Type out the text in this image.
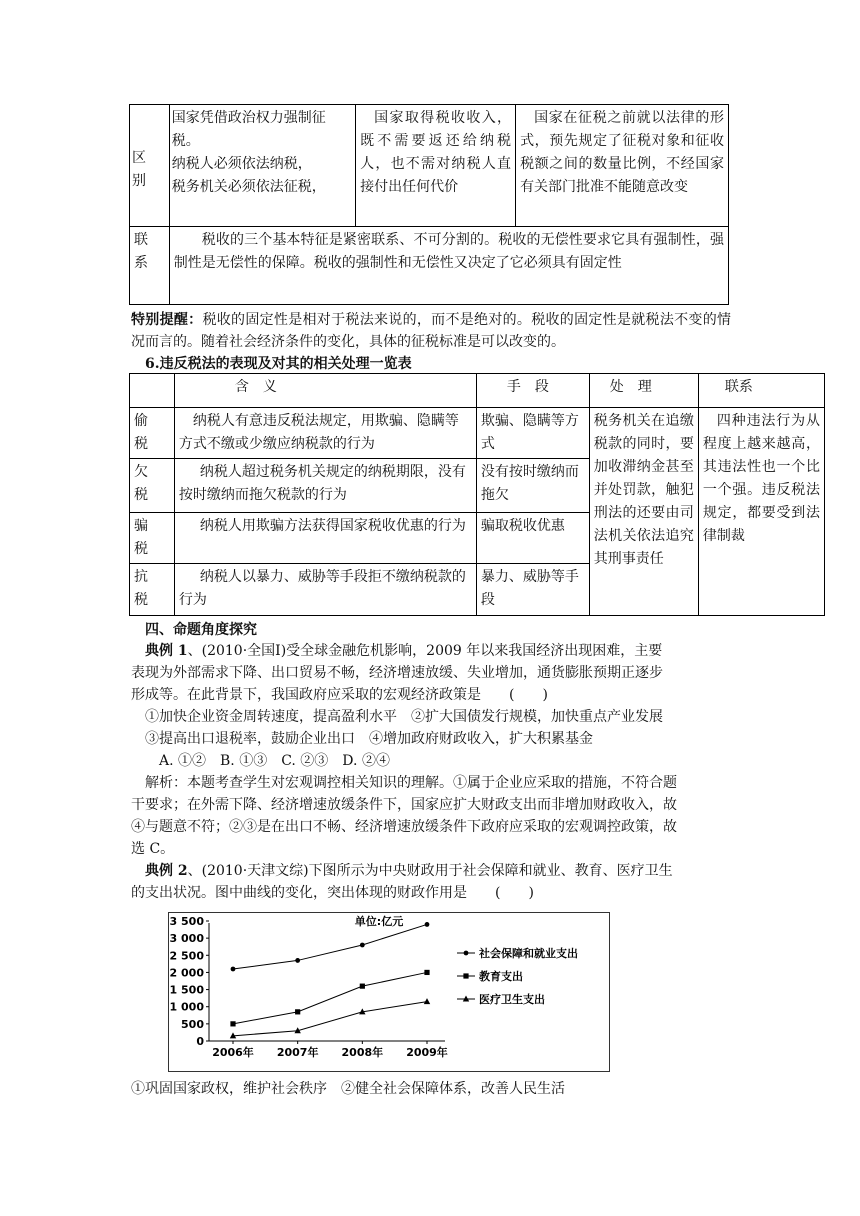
区
别	国家凭借政治权力强制征税。
纳税人必须依法纳税，
税务机关必须依法征税，	国家取得税收收入，既不需要返还给纳税人，也不需对纳税人直接付出任何代价	国家在征税之前就以法律的形式，预先规定了征税对象和征收税额之间的数量比例，不经国家有关部门批准不能随意改变
联
系	税收的三个基本特征是紧密联系、不可分割的。税收的无偿性要求它具有强制性，强制性是无偿性的保障。税收的强制性和无偿性又决定了它必须具有固定性		
特别提醒：税收的固定性是相对于税法来说的，而不是绝对的。税收的固定性是就税法不变的情况而言的。随着社会经济条件的变化，具体的征税标准是可以改变的。
6.违反税法的表现及对其的相关处理一览表
	含　义	手　段	处　理	联系
偷
税	纳税人有意违反税法规定，用欺骗、隐瞒等方式不缴或少缴应纳税款的行为	欺骗、隐瞒等方式	税务机关在追缴税款的同时，要加收滞纳金甚至并处罚款，触犯刑法的还要由司法机关依法追究其刑事责任	四种违法行为从程度上越来越高，其违法性也一个比一个强。违反税法规定，都要受到法律制裁
欠
税	纳税人超过税务机关规定的纳税期限，没有按时缴纳而拖欠税款的行为	没有按时缴纳而拖欠		
骗
税	纳税人用欺骗方法获得国家税收优惠的行为	骗取税收优惠		
抗
税	纳税人以暴力、威胁等手段拒不缴纳税款的行为	暴力、威胁等手段		
四、命题角度探究

典例 1、(2010·全国Ⅰ)受全球金融危机影响，2009 年以来我国经济出现困难，主要

表现为外部需求下降、出口贸易不畅，经济增速放缓、失业增加，通货膨胀预期正逐步

形成等。在此背景下，我国政府应采取的宏观经济政策是　　(　　)

①加快企业资金周转速度，提高盈利水平　②扩大国债发行规模，加快重点产业发展

③提高出口退税率，鼓励企业出口　④增加政府财政收入，扩大积累基金

　A. ①②　B. ①③　C. ②③　D. ②④

解析：本题考查学生对宏观调控相关知识的理解。①属于企业应采取的措施，不符合题

干要求；在外需下降、经济增速放缓条件下，国家应扩大财政支出而非增加财政收入，故

④与题意不符；②③是在出口不畅、经济增速放缓条件下政府应采取的宏观调控政策，故

选 C。

典例 2、(2010·天津文综)下图所示为中央财政用于社会保障和就业、教育、医疗卫生

的支出状况。图中曲线的变化，突出体现的财政作用是　　(　　)

单位:亿元
0
500
1 000
1 500
2 000
2 500
3 000
3 500
2006年 2007年 2008年 2009年
社会保障和就业支出
教育支出
医疗卫生支出
①巩固国家政权，维护社会秩序　②健全社会保障体系，改善人民生活
